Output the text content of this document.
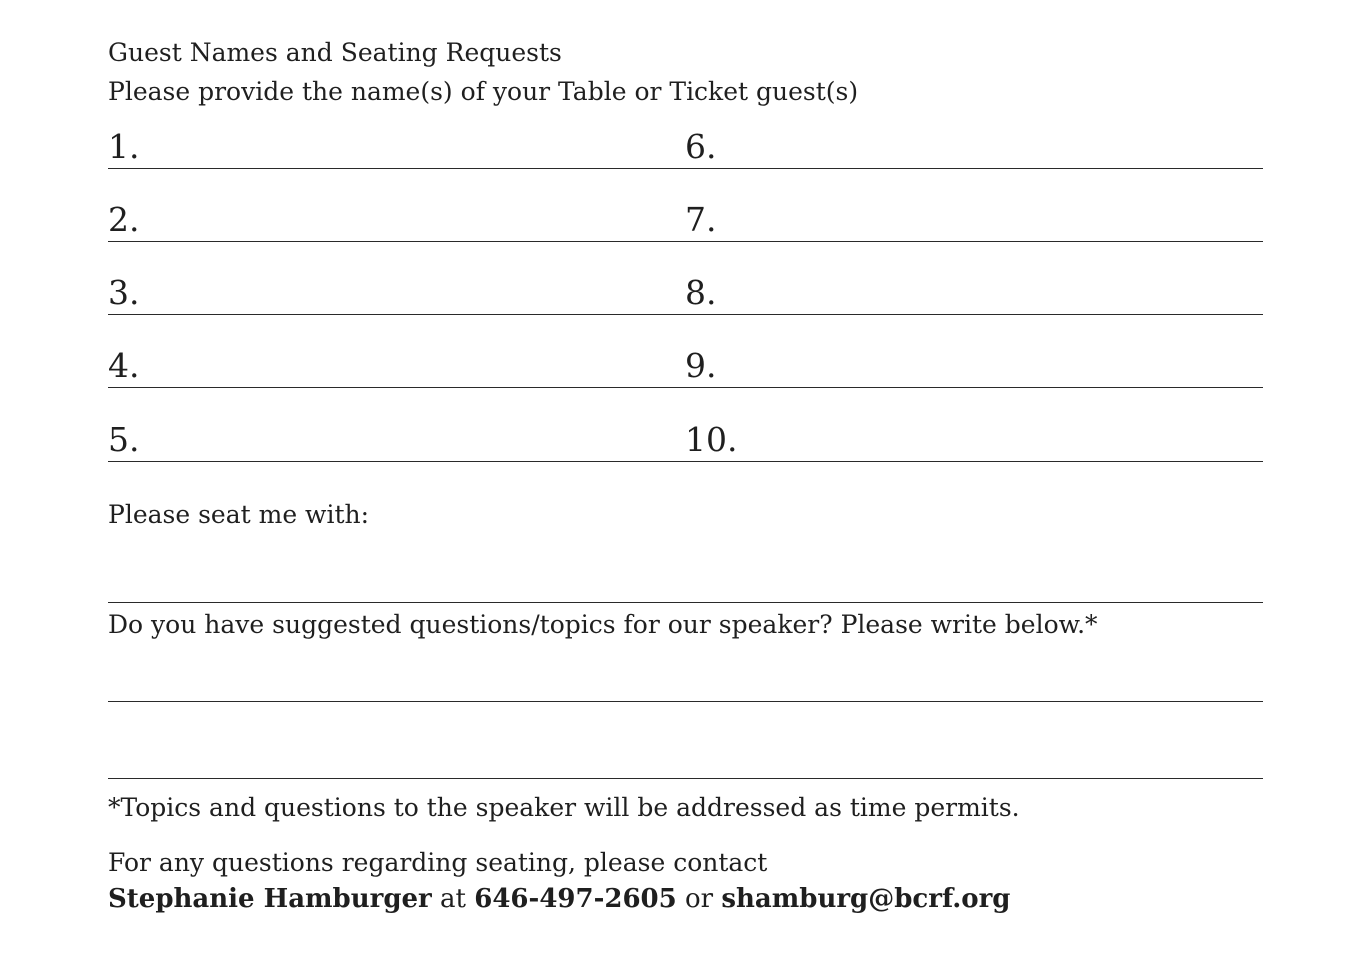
Guest Names and Seating Requests
Please provide the name(s) of your Table or Ticket guest(s)
1.
2.
3.
4.
5.
6.
7.
8.
9.
10.
Please seat me with:
Do you have suggested questions/topics for our speaker? Please write below.*
*Topics and questions to the speaker will be addressed as time permits.
For any questions regarding seating, please contact
Stephanie Hamburger at 646-497-2605 or shamburg@bcrf.org
